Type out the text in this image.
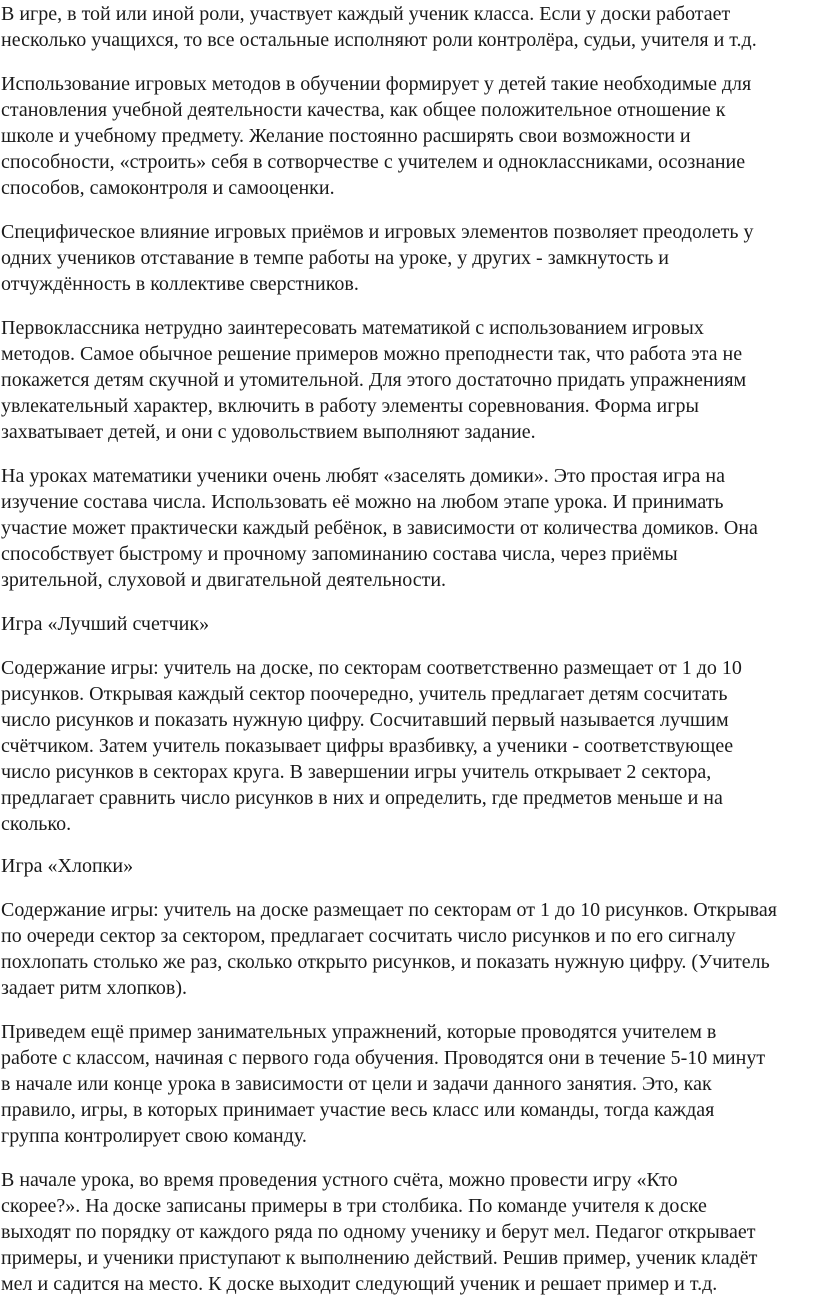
В игре, в той или иной роли, участвует каждый ученик класса. Если у доски работает
несколько учащихся, то все остальные исполняют роли контролёра, судьи, учителя и т.д.

Использование игровых методов в обучении формирует у детей такие необходимые для
становления учебной деятельности качества, как общее положительное отношение к
школе и учебному предмету. Желание постоянно расширять свои возможности и
способности, «строить» себя в сотворчестве с учителем и одноклассниками, осознание
способов, самоконтроля и самооценки.

Специфическое влияние игровых приёмов и игровых элементов позволяет преодолеть у
одних учеников отставание в темпе работы на уроке, у других - замкнутость и
отчуждённость в коллективе сверстников.

Первоклассника нетрудно заинтересовать математикой с использованием игровых
методов. Самое обычное решение примеров можно преподнести так, что работа эта не
покажется детям скучной и утомительной. Для этого достаточно придать упражнениям
увлекательный характер, включить в работу элементы соревнования. Форма игры
захватывает детей, и они с удовольствием выполняют задание.

На уроках математики ученики очень любят «заселять домики». Это простая игра на
изучение состава числа. Использовать её можно на любом этапе урока. И принимать
участие может практически каждый ребёнок, в зависимости от количества домиков. Она
способствует быстрому и прочному запоминанию состава числа, через приёмы
зрительной, слуховой и двигательной деятельности.

Игра «Лучший счетчик»

Содержание игры: учитель на доске, по секторам соответственно размещает от 1 до 10
рисунков. Открывая каждый сектор поочередно, учитель предлагает детям сосчитать
число рисунков и показать нужную цифру. Сосчитавший первый называется лучшим
счётчиком. Затем учитель показывает цифры вразбивку, а ученики - соответствующее
число рисунков в секторах круга. В завершении игры учитель открывает 2 сектора,
предлагает сравнить число рисунков в них и определить, где предметов меньше и на
сколько.

Игра «Хлопки»

Содержание игры: учитель на доске размещает по секторам от 1 до 10 рисунков. Открывая
по очереди сектор за сектором, предлагает сосчитать число рисунков и по его сигналу
похлопать столько же раз, сколько открыто рисунков, и показать нужную цифру. (Учитель
задает ритм хлопков).

Приведем ещё пример занимательных упражнений, которые проводятся учителем в
работе с классом, начиная с первого года обучения. Проводятся они в течение 5-10 минут
в начале или конце урока в зависимости от цели и задачи данного занятия. Это, как
правило, игры, в которых принимает участие весь класс или команды, тогда каждая
группа контролирует свою команду.

В начале урока, во время проведения устного счёта, можно провести игру «Кто
скорее?». На доске записаны примеры в три столбика. По команде учителя к доске
выходят по порядку от каждого ряда по одному ученику и берут мел. Педагог открывает
примеры, и ученики приступают к выполнению действий. Решив пример, ученик кладёт
мел и садится на место. К доске выходит следующий ученик и решает пример и т.д.
